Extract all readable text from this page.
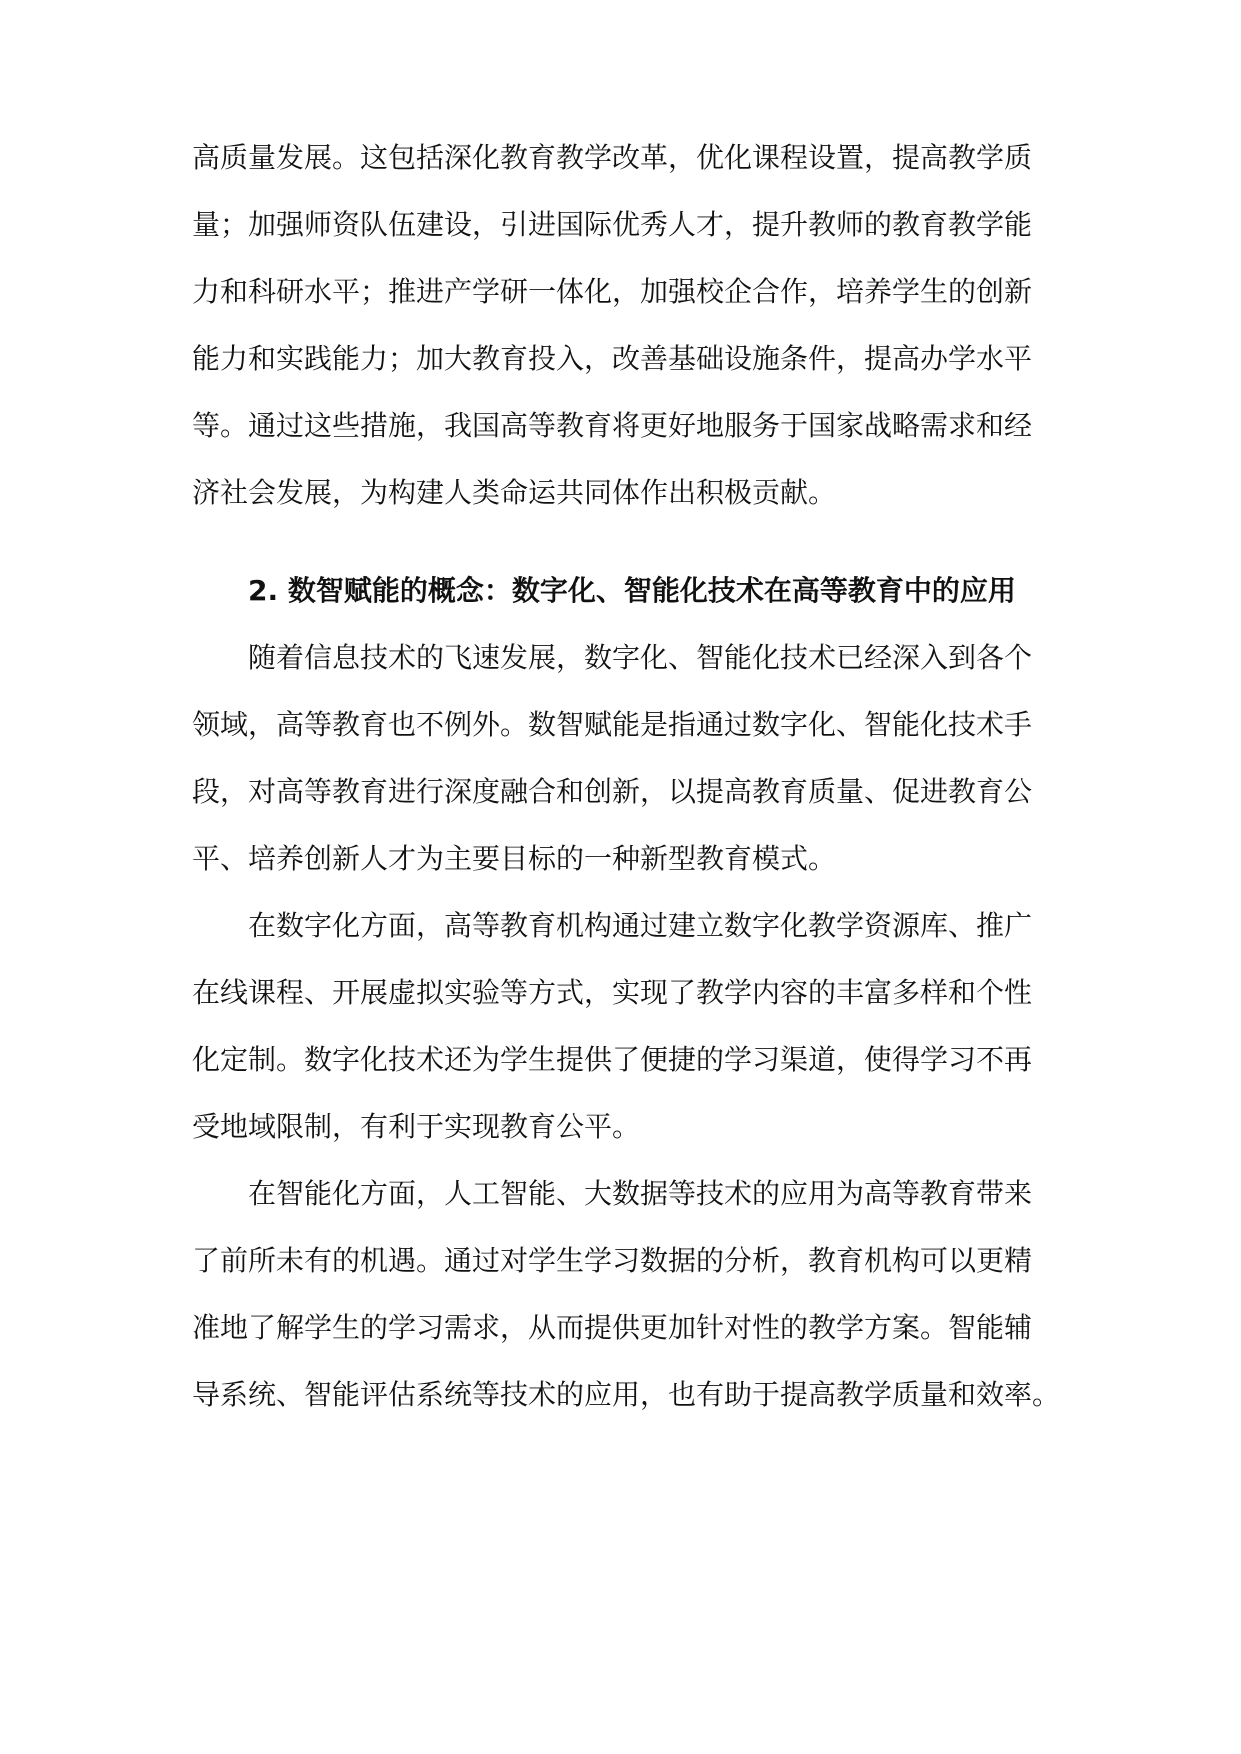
高质量发展。这包括深化教育教学改革，优化课程设置，提高教学质
量；加强师资队伍建设，引进国际优秀人才，提升教师的教育教学能
力和科研水平；推进产学研一体化，加强校企合作，培养学生的创新
能力和实践能力；加大教育投入，改善基础设施条件，提高办学水平
等。通过这些措施，我国高等教育将更好地服务于国家战略需求和经
济社会发展，为构建人类命运共同体作出积极贡献。
2. 数智赋能的概念：数字化、智能化技术在高等教育中的应用
随着信息技术的飞速发展，数字化、智能化技术已经深入到各个
领域，高等教育也不例外。数智赋能是指通过数字化、智能化技术手
段，对高等教育进行深度融合和创新，以提高教育质量、促进教育公
平、培养创新人才为主要目标的一种新型教育模式。
在数字化方面，高等教育机构通过建立数字化教学资源库、推广
在线课程、开展虚拟实验等方式，实现了教学内容的丰富多样和个性
化定制。数字化技术还为学生提供了便捷的学习渠道，使得学习不再
受地域限制，有利于实现教育公平。
在智能化方面，人工智能、大数据等技术的应用为高等教育带来
了前所未有的机遇。通过对学生学习数据的分析，教育机构可以更精
准地了解学生的学习需求，从而提供更加针对性的教学方案。智能辅
导系统、智能评估系统等技术的应用，也有助于提高教学质量和效率。
